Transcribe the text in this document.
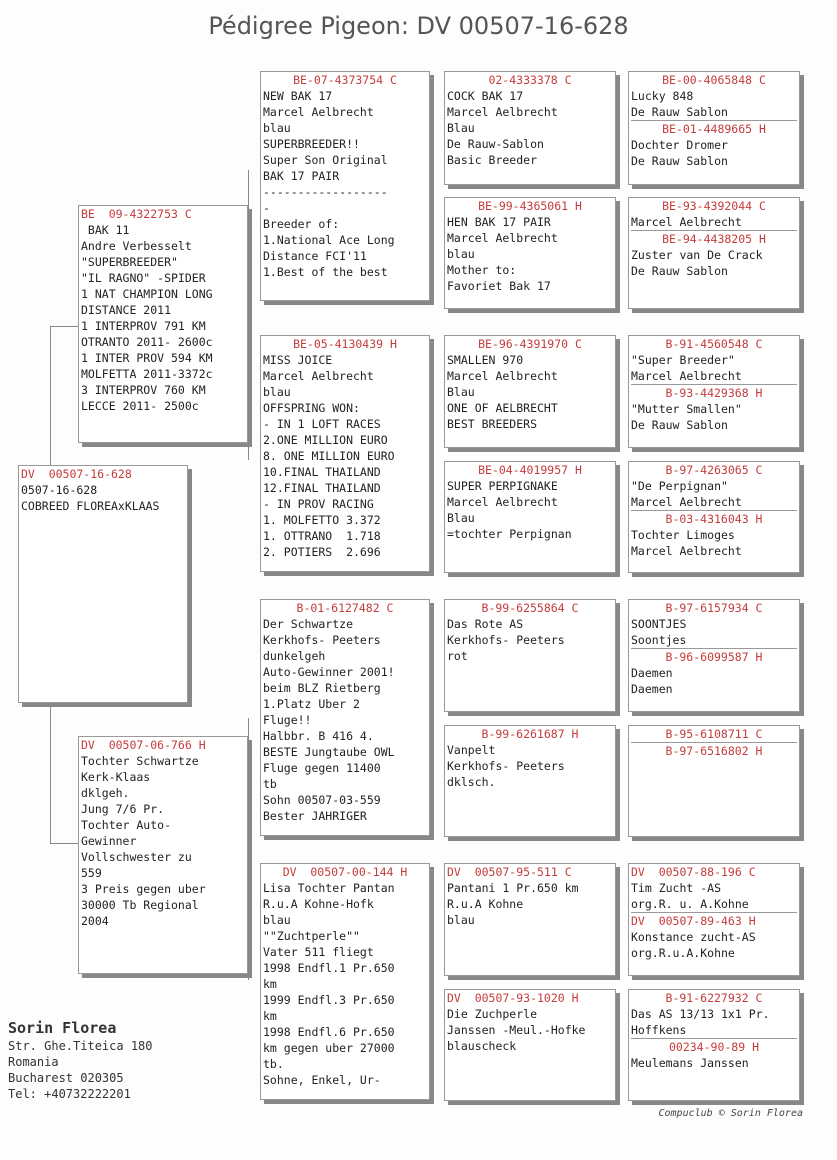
Pédigree Pigeon: DV 00507-16-628
DV  00507-16-628
0507-16-628
COBREED FLOREAxKLAAS
BE  09-4322753 C
BAK 11
Andre Verbesselt
"SUPERBREEDER"
"IL RAGNO" -SPIDER
1 NAT CHAMPION LONG
DISTANCE 2011
1 INTERPROV 791 KM
OTRANTO 2011- 2600c
1 INTER PROV 594 KM
MOLFETTA 2011-3372c
3 INTERPROV 760 KM
LECCE 2011- 2500c
DV  00507-06-766 H
Tochter Schwartze
Kerk-Klaas
dklgeh.
Jung 7/6 Pr.
Tochter Auto-
Gewinner
Vollschwester zu
559
3 Preis gegen uber
30000 Tb Regional
2004
BE-07-4373754 C
NEW BAK 17
Marcel Aelbrecht
blau
SUPERBREEDER!!
Super Son Original
BAK 17 PAIR
------------------
-
Breeder of:
1.National Ace Long
Distance FCI'11
1.Best of the best
BE-05-4130439 H
MISS JOICE
Marcel Aelbrecht
blau
OFFSPRING WON:
- IN 1 LOFT RACES
2.ONE MILLION EURO
8. ONE MILLION EURO
10.FINAL THAILAND
12.FINAL THAILAND
- IN PROV RACING
1. MOLFETTO 3.372
1. OTTRANO  1.718
2. POTIERS  2.696
B-01-6127482 C
Der Schwartze
Kerkhofs- Peeters
dunkelgeh
Auto-Gewinner 2001!
beim BLZ Rietberg
1.Platz Uber 2
Fluge!!
Halbbr. B 416 4.
BESTE Jungtaube OWL
Fluge gegen 11400
tb
Sohn 00507-03-559
Bester JAHRIGER
DV  00507-00-144 H
Lisa Tochter Pantan
R.u.A Kohne-Hofk
blau
""Zuchtperle""
Vater 511 fliegt
1998 Endfl.1 Pr.650
km
1999 Endfl.3 Pr.650
km
1998 Endfl.6 Pr.650
km gegen uber 27000
tb.
Sohne, Enkel, Ur-
02-4333378 C
COCK BAK 17
Marcel Aelbrecht
Blau
De Rauw-Sablon
Basic Breeder
BE-99-4365061 H
HEN BAK 17 PAIR
Marcel Aelbrecht
blau
Mother to:
Favoriet Bak 17
BE-96-4391970 C
SMALLEN 970
Marcel Aelbrecht
Blau
ONE OF AELBRECHT
BEST BREEDERS
BE-04-4019957 H
SUPER PERPIGNAKE
Marcel Aelbrecht
Blau
=tochter Perpignan
B-99-6255864 C
Das Rote AS
Kerkhofs- Peeters
rot
B-99-6261687 H
Vanpelt
Kerkhofs- Peeters
dklsch.
DV  00507-95-511 C
Pantani 1 Pr.650 km
R.u.A Kohne
blau
DV  00507-93-1020 H
Die Zuchperle
Janssen -Meul.-Hofke
blauscheck
BE-00-4065848 C
Lucky 848
De Rauw Sablon
BE-01-4489665 H
Dochter Dromer
De Rauw Sablon
BE-93-4392044 C
Marcel Aelbrecht
BE-94-4438205 H
Zuster van De Crack
De Rauw Sablon
B-91-4560548 C
"Super Breeder"
Marcel Aelbrecht
B-93-4429368 H
"Mutter Smallen"
De Rauw Sablon
B-97-4263065 C
"De Perpignan"
Marcel Aelbrecht
B-03-4316043 H
Tochter Limoges
Marcel Aelbrecht
B-97-6157934 C
SOONTJES
Soontjes
B-96-6099587 H
Daemen
Daemen
B-95-6108711 C
B-97-6516802 H
DV  00507-88-196 C
Tim Zucht -AS
org.R. u. A.Kohne
DV  00507-89-463 H
Konstance zucht-AS
org.R.u.A.Kohne
B-91-6227932 C
Das AS 13/13 1x1 Pr.
Hoffkens
00234-90-89 H
Meulemans Janssen
Sorin Florea
Str. Ghe.Titeica 180
Romania
Bucharest 020305
Tel: +40732222201
Compuclub © Sorin Florea
